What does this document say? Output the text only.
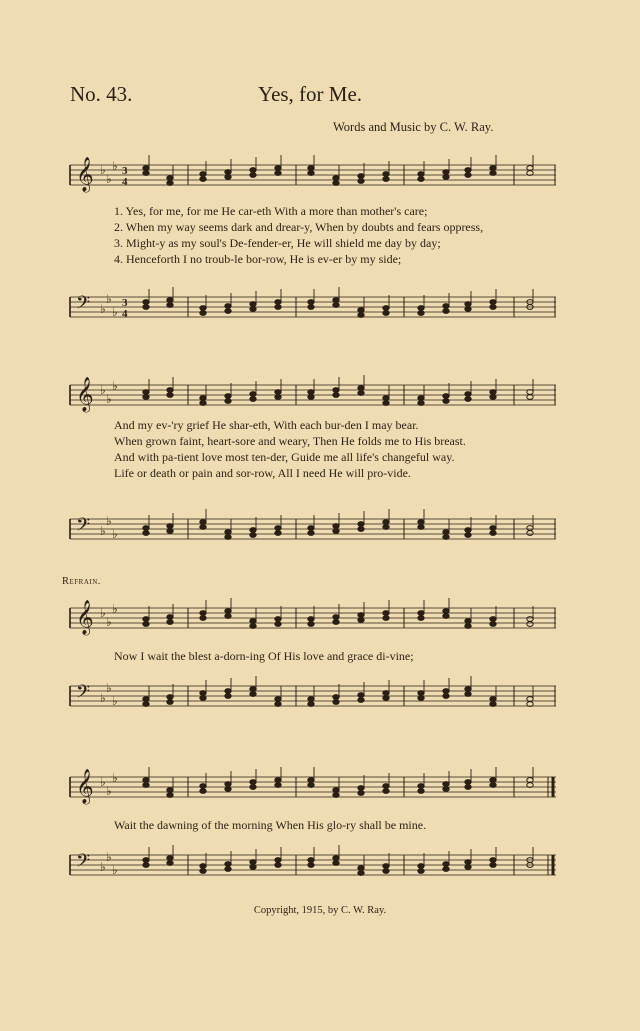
No. 43.	Yes, for Me.
Words and Music by C. W. Ray.
𝄞 ♭
♭
♭ 3
4
1. Yes, for me, for me He car-eth With a more than mother's care;
2. When my way seems dark and drear-y, When by doubts and fears oppress,
3. Might-y as my soul's De-fender-er, He will shield me day by day;
4. Henceforth I no troub-le bor-row, He is ev-er by my side;
𝄢 ♭
♭
♭
3
4
𝄞 ♭
♭
♭
And my ev-'ry grief He shar-eth, With each bur-den I may bear.
When grown faint, heart-sore and weary, Then He folds me to His breast.
And with pa-tient love most ten-der, Guide me all life's changeful way.
Life or death or pain and sor-row, All I need He will pro-vide.
𝄢 ♭
♭
♭
Refrain.
𝄞 ♭
♭
♭
Now I wait the blest a-dorn-ing Of His love and grace di-vine;
𝄢 ♭
♭
♭
𝄞 ♭
♭
♭
Wait the dawning of the morning When His glo-ry shall be mine.
𝄢 ♭
♭
♭
Copyright, 1915, by C. W. Ray.
